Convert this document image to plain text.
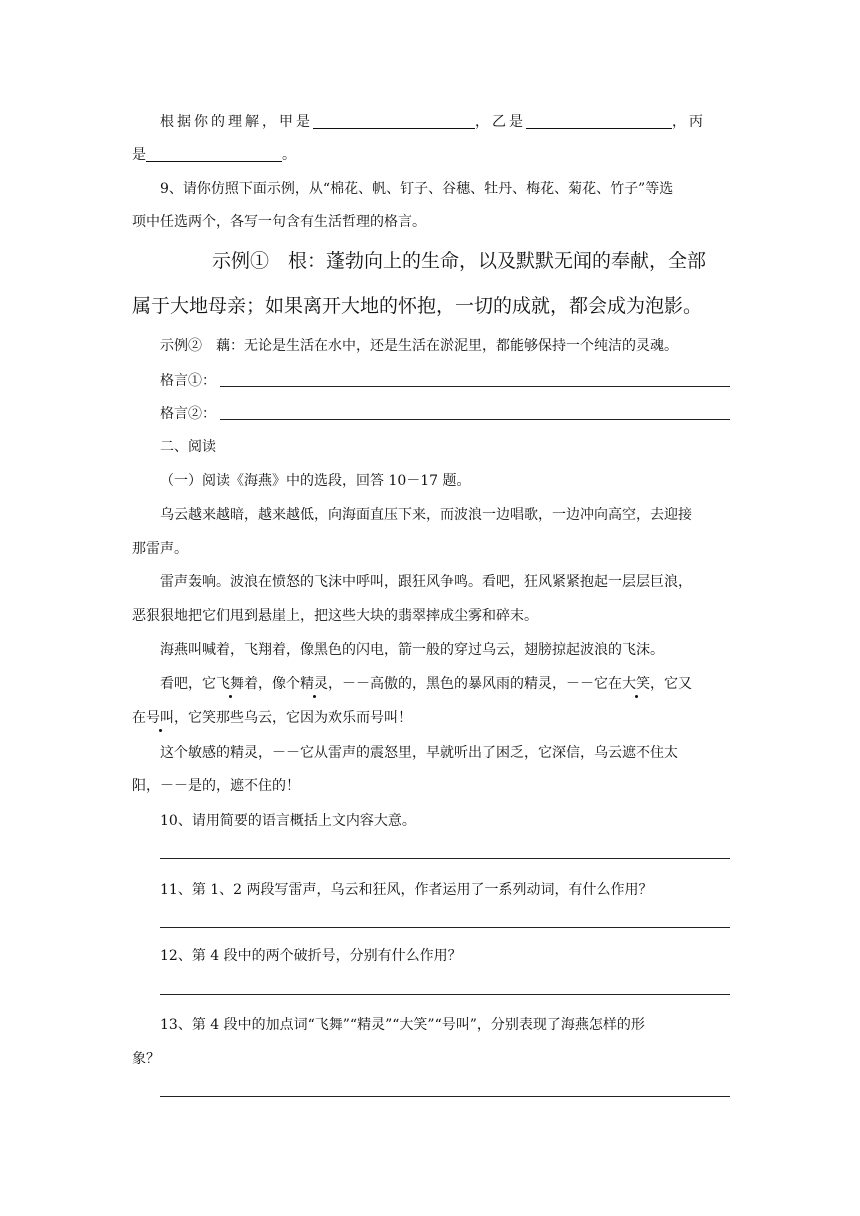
根据你的理解，甲是	，乙是	，丙
是	。
9、请你仿照下面示例，从“棉花、帆、钉子、谷穗、牡丹、梅花、菊花、竹子”等选
项中任选两个，各写一句含有生活哲理的格言。
示例①　根：蓬勃向上的生命，以及默默无闻的奉献，全部
属于大地母亲；如果离开大地的怀抱，一切的成就，都会成为泡影。
示例②　藕：无论是生活在水中，还是生活在淤泥里，都能够保持一个纯洁的灵魂。
格言①：
格言②：
二、阅读
（一）阅读《海燕》中的选段，回答 10－17 题。
乌云越来越暗，越来越低，向海面直压下来，而波浪一边唱歌，一边冲向高空，去迎接
那雷声。
雷声轰响。波浪在愤怒的飞沫中呼叫，跟狂风争鸣。看吧，狂风紧紧抱起一层层巨浪，
恶狠狠地把它们甩到悬崖上，把这些大块的翡翠摔成尘雾和碎末。
海燕叫喊着，飞翔着，像黑色的闪电，箭一般的穿过乌云，翅膀掠起波浪的飞沫。
看吧，它飞舞着，像个精灵，－－高傲的，黑色的暴风雨的精灵，－－它在大笑，它又
在号叫，它笑那些乌云，它因为欢乐而号叫！
这个敏感的精灵，－－它从雷声的震怒里，早就听出了困乏，它深信，乌云遮不住太
阳，－－是的，遮不住的！
10、请用简要的语言概括上文内容大意。
11、第 1、2 两段写雷声，乌云和狂风，作者运用了一系列动词，有什么作用？
12、第 4 段中的两个破折号，分别有什么作用？
13、第 4 段中的加点词“飞舞”“精灵”“大笑”“号叫”，分别表现了海燕怎样的形
象？
